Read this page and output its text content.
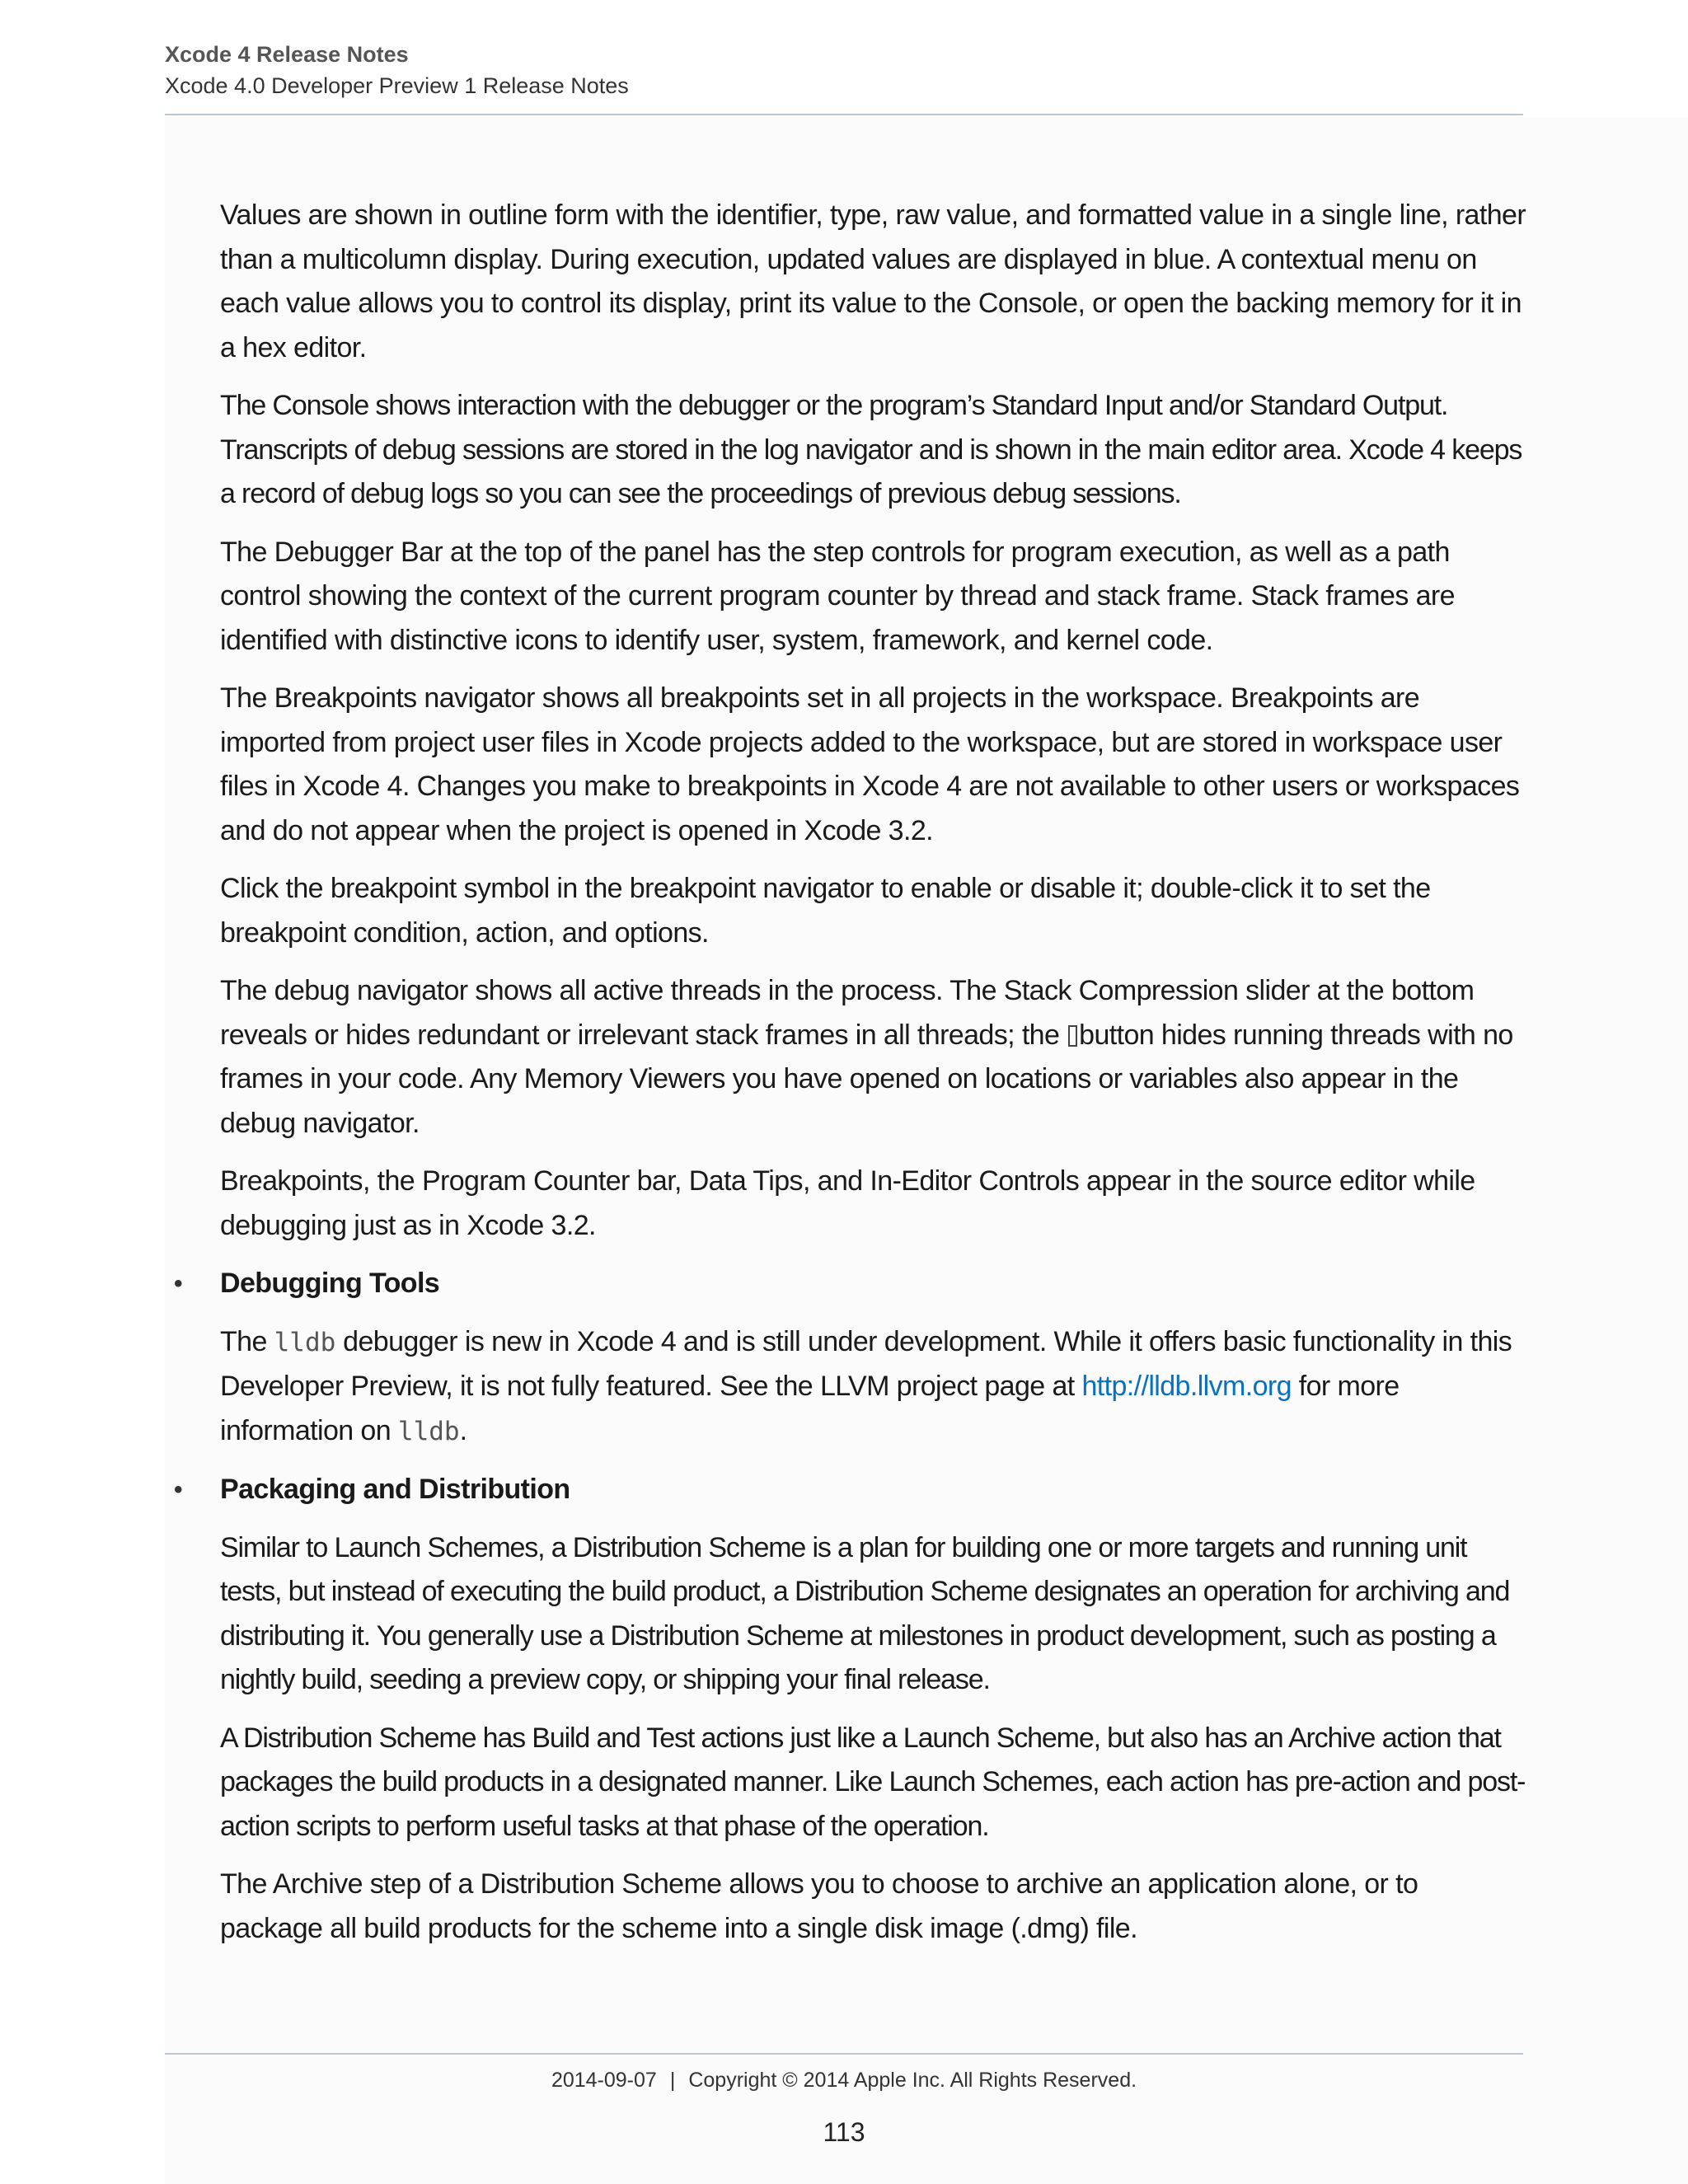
Xcode 4 Release Notes
Xcode 4.0 Developer Preview 1 Release Notes

Values are shown in outline form with the identifier, type, raw value, and formatted value in a single line, rather than a multicolumn display. During execution, updated values are displayed in blue. A contextual menu on each value allows you to control its display, print its value to the Console, or open the backing memory for it in a hex editor.

The Console shows interaction with the debugger or the program’s Standard Input and/or Standard Output. Transcripts of debug sessions are stored in the log navigator and is shown in the main editor area. Xcode 4 keeps a record of debug logs so you can see the proceedings of previous debug sessions.

The Debugger Bar at the top of the panel has the step controls for program execution, as well as a path control showing the context of the current program counter by thread and stack frame. Stack frames are identified with distinctive icons to identify user, system, framework, and kernel code.

The Breakpoints navigator shows all breakpoints set in all projects in the workspace. Breakpoints are imported from project user files in Xcode projects added to the workspace, but are stored in workspace user files in Xcode 4. Changes you make to breakpoints in Xcode 4 are not available to other users or workspaces and do not appear when the project is opened in Xcode 3.2.

Click the breakpoint symbol in the breakpoint navigator to enable or disable it; double-click it to set the breakpoint condition, action, and options.

The debug navigator shows all active threads in the process. The Stack Compression slider at the bottom reveals or hides redundant or irrelevant stack frames in all threads; the button hides running threads with no frames in your code. Any Memory Viewers you have opened on locations or variables also appear in the debug navigator.

Breakpoints, the Program Counter bar, Data Tips, and In-Editor Controls appear in the source editor while debugging just as in Xcode 3.2.

• Debugging Tools

The lldb debugger is new in Xcode 4 and is still under development. While it offers basic functionality in this Developer Preview, it is not fully featured. See the LLVM project page at http://lldb.llvm.org for more information on lldb.

• Packaging and Distribution

Similar to Launch Schemes, a Distribution Scheme is a plan for building one or more targets and running unit tests, but instead of executing the build product, a Distribution Scheme designates an operation for archiving and distributing it. You generally use a Distribution Scheme at milestones in product development, such as posting a nightly build, seeding a preview copy, or shipping your final release.

A Distribution Scheme has Build and Test actions just like a Launch Scheme, but also has an Archive action that packages the build products in a designated manner. Like Launch Schemes, each action has pre-action and post-action scripts to perform useful tasks at that phase of the operation.

The Archive step of a Distribution Scheme allows you to choose to archive an application alone, or to package all build products for the scheme into a single disk image (.dmg) file.

2014-09-07 | Copyright © 2014 Apple Inc. All Rights Reserved.
113
